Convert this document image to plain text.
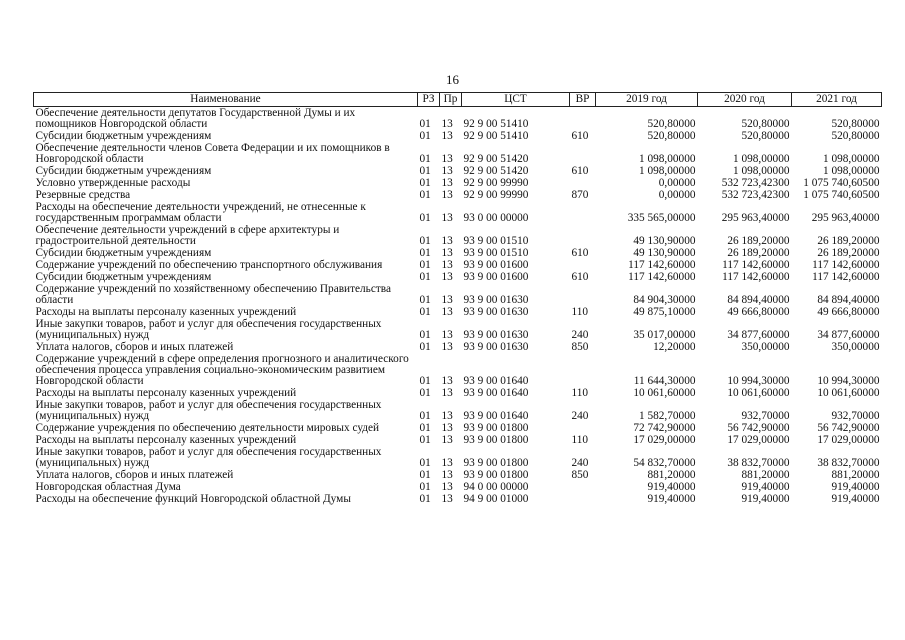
16
Наименование	РЗ	Пр	ЦСТ	ВР	2019 год	2020 год	2021 год
Обеспечение деятельности депутатов Государственной Думы и их помощников Новгородской области	01	13	92 9 00 51410		520,80000	520,80000	520,80000
Субсидии бюджетным учреждениям	01	13	92 9 00 51410	610	520,80000	520,80000	520,80000
Обеспечение деятельности членов Совета Федерации и их помощников в Новгородской области	01	13	92 9 00 51420		1 098,00000	1 098,00000	1 098,00000
Субсидии бюджетным учреждениям	01	13	92 9 00 51420	610	1 098,00000	1 098,00000	1 098,00000
Условно утвержденные расходы	01	13	92 9 00 99990		0,00000	532 723,42300	1 075 740,60500
Резервные средства	01	13	92 9 00 99990	870	0,00000	532 723,42300	1 075 740,60500
Расходы на обеспечение деятельности учреждений, не отнесенные к государственным программам области	01	13	93 0 00 00000		335 565,00000	295 963,40000	295 963,40000
Обеспечение деятельности учреждений в сфере архитектуры и градостроительной деятельности	01	13	93 9 00 01510		49 130,90000	26 189,20000	26 189,20000
Субсидии бюджетным учреждениям	01	13	93 9 00 01510	610	49 130,90000	26 189,20000	26 189,20000
Содержание учреждений по обеспечению транспортного обслуживания	01	13	93 9 00 01600		117 142,60000	117 142,60000	117 142,60000
Субсидии бюджетным учреждениям	01	13	93 9 00 01600	610	117 142,60000	117 142,60000	117 142,60000
Содержание учреждений по хозяйственному обеспечению Правительства области	01	13	93 9 00 01630		84 904,30000	84 894,40000	84 894,40000
Расходы на выплаты персоналу казенных учреждений	01	13	93 9 00 01630	110	49 875,10000	49 666,80000	49 666,80000
Иные закупки товаров, работ и услуг для обеспечения государственных (муниципальных) нужд	01	13	93 9 00 01630	240	35 017,00000	34 877,60000	34 877,60000
Уплата налогов, сборов и иных платежей	01	13	93 9 00 01630	850	12,20000	350,00000	350,00000
Содержание учреждений в сфере определения прогнозного и аналитического обеспечения процесса управления социально-экономическим развитием Новгородской области	01	13	93 9 00 01640		11 644,30000	10 994,30000	10 994,30000
Расходы на выплаты персоналу казенных учреждений	01	13	93 9 00 01640	110	10 061,60000	10 061,60000	10 061,60000
Иные закупки товаров, работ и услуг для обеспечения государственных (муниципальных) нужд	01	13	93 9 00 01640	240	1 582,70000	932,70000	932,70000
Содержание учреждения по обеспечению деятельности мировых судей	01	13	93 9 00 01800		72 742,90000	56 742,90000	56 742,90000
Расходы на выплаты персоналу казенных учреждений	01	13	93 9 00 01800	110	17 029,00000	17 029,00000	17 029,00000
Иные закупки товаров, работ и услуг для обеспечения государственных (муниципальных) нужд	01	13	93 9 00 01800	240	54 832,70000	38 832,70000	38 832,70000
Уплата налогов, сборов и иных платежей	01	13	93 9 00 01800	850	881,20000	881,20000	881,20000
Новгородская областная Дума	01	13	94 0 00 00000		919,40000	919,40000	919,40000
Расходы на обеспечение функций Новгородской областной Думы	01	13	94 9 00 01000		919,40000	919,40000	919,40000
